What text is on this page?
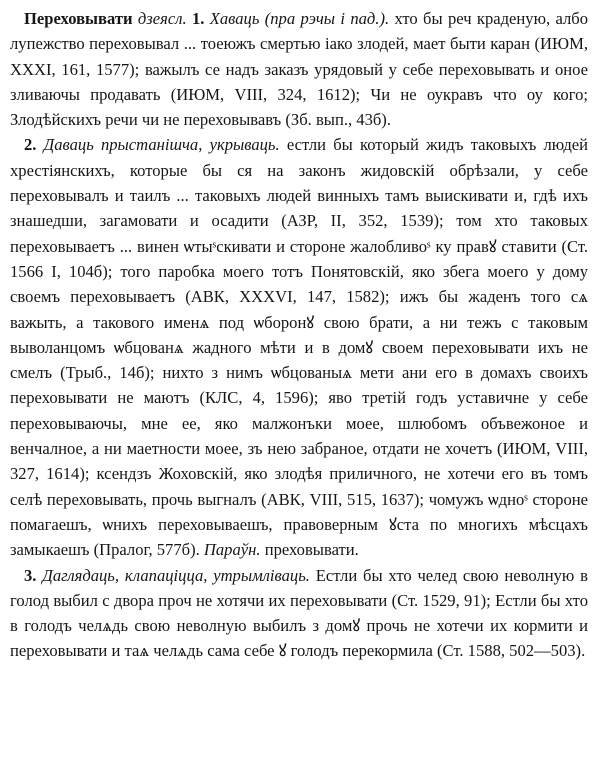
Переховывати дзеясл. 1. Хаваць (пра рэчы і пад.). хто бы реч краденую, албо лупежство переховывал ... тоеюжъ смертью iако злодей, мает быти каран (ИЮМ, XXXI, 161, 1577); важылъ се надъ заказъ урядовый у себе переховывать и оное зливаючы продавать (ИЮМ, VIII, 324, 1612); Чи не оукравъ что оу кого; Злодѣйскихъ речи чи не переховывавъ (Зб. вып., 43б).

2. Даваць прыстанішча, укрываць. естли бы который жидъ таковыхъ людей хрестіянскихъ, которые бы ся на законъ жидовскій обрѣзали, у себе переховывалъ и таилъ ... таковыхъ людей винныхъ тамъ выискивати и, гдѣ ихъ знашедши, загамовати и осадити (АЗР, II, 352, 1539); том хто таковых переховываетъ ... винен ѡтыˢскивати и стороне жалобливоˢ ку правꙋ ставити (Ст. 1566 I, 104б); того паробка моего тотъ Понятовскій, яко збега моего у дому своемъ переховываетъ (АВК, XXXVI, 147, 1582); ижъ бы жаденъ того сѧ важыть, а такового именѧ под ѡборонꙋ свою брати, а ни тежъ с таковым выволанцомъ ѡбцованѧ жадного мѣти и в домꙋ своем переховывати ихъ не смелъ (Трыб., 14б); нихто з нимъ ѡбцованыѧ мети ани его в домахъ своихъ переховывати не маютъ (КЛС, 4, 1596); яво третій годъ уставичне у себе переховываючы, мне ее, яко малжонъки моее, шлюбомъ объвежоное и венчалное, а ни маетности моее, зъ нею забраное, отдати не хочетъ (ИЮМ, VIII, 327, 1614); ксендзъ Жоховскій, яко злодѣя приличного, не хотечи его въ томъ селѣ переховывать, прочь выгналъ (АВК, VIII, 515, 1637); чомужъ ѡдноˢ стороне помагаешъ, ѡнихъ переховываешъ, правоверным ꙋста по многихъ мѣсцахъ замыкаешъ (Пралог, 577б). Параўн. преховывати.

3. Даглядаць, клапаціцца, утрымліваць. Естли бы хто челед свою неволную в голод выбил с двора проч не хотячи их переховывати (Ст. 1529, 91); Естли бы хто в голодъ челѧдь свою неволную выбилъ з домꙋ прочь не хотечи их кормити и переховывати и таѧ челѧдь сама себе ꙋ голодъ перекормила (Ст. 1588, 502—503).
